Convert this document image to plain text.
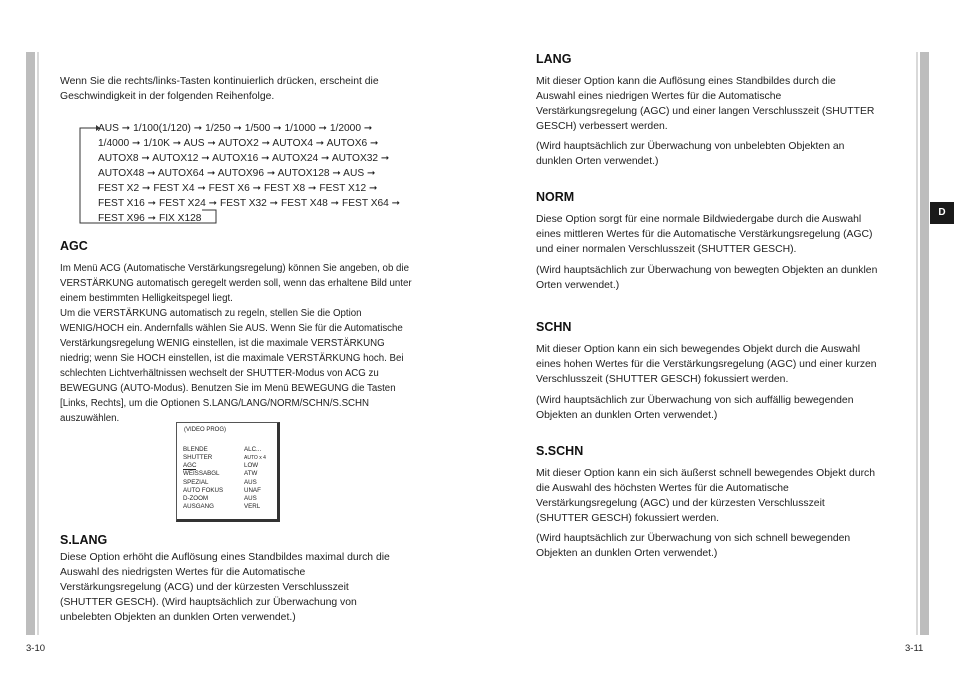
Wenn Sie die rechts/links-Tasten kontinuierlich drücken, erscheint die
Geschwindigkeit in der folgenden Reihenfolge.
AUS ➞ 1/100(1/120) ➞ 1/250 ➞ 1/500 ➞ 1/1000 ➞ 1/2000 ➞
1/4000 ➞ 1/10K ➞ AUS ➞ AUTOX2 ➞ AUTOX4 ➞ AUTOX6 ➞
AUTOX8 ➞ AUTOX12 ➞ AUTOX16 ➞ AUTOX24 ➞ AUTOX32 ➞
AUTOX48 ➞ AUTOX64 ➞ AUTOX96 ➞ AUTOX128 ➞ AUS ➞
FEST X2 ➞ FEST X4 ➞ FEST X6 ➞ FEST X8 ➞ FEST X12 ➞
FEST X16 ➞ FEST X24 ➞ FEST X32 ➞ FEST X48 ➞ FEST X64 ➞
FEST X96 ➞ FIX X128
AGC
Im Menü ACG (Automatische Verstärkungsregelung) können Sie angeben, ob die
VERSTÄRKUNG automatisch geregelt werden soll, wenn das erhaltene Bild unter
einem bestimmten Helligkeitspegel liegt.
Um die VERSTÄRKUNG automatisch zu regeln, stellen Sie die Option
WENIG/HOCH ein. Andernfalls wählen Sie AUS. Wenn Sie für die Automatische
Verstärkungsregelung WENIG einstellen, ist die maximale VERSTÄRKUNG
niedrig; wenn Sie HOCH einstellen, ist die maximale VERSTÄRKUNG hoch. Bei
schlechten Lichtverhältnissen wechselt der SHUTTER-Modus von ACG zu
BEWEGUNG (AUTO-Modus). Benutzen Sie im Menü BEWEGUNG die Tasten
[Links, Rechts], um die Optionen S.LANG/LANG/NORM/SCHN/S.SCHN
auszuwählen.
(VIDEO PROG)
BLENDE	ALC...
SHUTTER	AUTO x 4
AGC	LOW
WEISSABGL	ATW
SPEZIAL	AUS
AUTO FOKUS	UNAF
D-ZOOM	AUS
AUSGANG	VERL
S.LANG
Diese Option erhöht die Auflösung eines Standbildes maximal durch die
Auswahl des niedrigsten Wertes für die Automatische
Verstärkungsregelung (ACG) und der kürzesten Verschlusszeit
(SHUTTER GESCH). (Wird hauptsächlich zur Überwachung von
unbelebten Objekten an dunklen Orten verwendet.)
3-10
LANG
Mit dieser Option kann die Auflösung eines Standbildes durch die
Auswahl eines niedrigen Wertes für die Automatische
Verstärkungsregelung (AGC) und einer langen Verschlusszeit (SHUTTER
GESCH) verbessert werden.
(Wird hauptsächlich zur Überwachung von unbelebten Objekten an
dunklen Orten verwendet.)
NORM
Diese Option sorgt für eine normale Bildwiedergabe durch die Auswahl
eines mittleren Wertes für die Automatische Verstärkungsregelung (AGC)
und einer normalen Verschlusszeit (SHUTTER GESCH).
(Wird hauptsächlich zur Überwachung von bewegten Objekten an dunklen
Orten verwendet.)
SCHN
Mit dieser Option kann ein sich bewegendes Objekt durch die Auswahl
eines hohen Wertes für die Verstärkungsregelung (AGC) und einer kurzen
Verschlusszeit (SHUTTER GESCH) fokussiert werden.
(Wird hauptsächlich zur Überwachung von sich auffällig bewegenden
Objekten an dunklen Orten verwendet.)
S.SCHN
Mit dieser Option kann ein sich äußerst schnell bewegendes Objekt durch
die Auswahl des höchsten Wertes für die Automatische
Verstärkungsregelung (AGC) und der kürzesten Verschlusszeit
(SHUTTER GESCH) fokussiert werden.
(Wird hauptsächlich zur Überwachung von sich schnell bewegenden
Objekten an dunklen Orten verwendet.)
D
3-11
